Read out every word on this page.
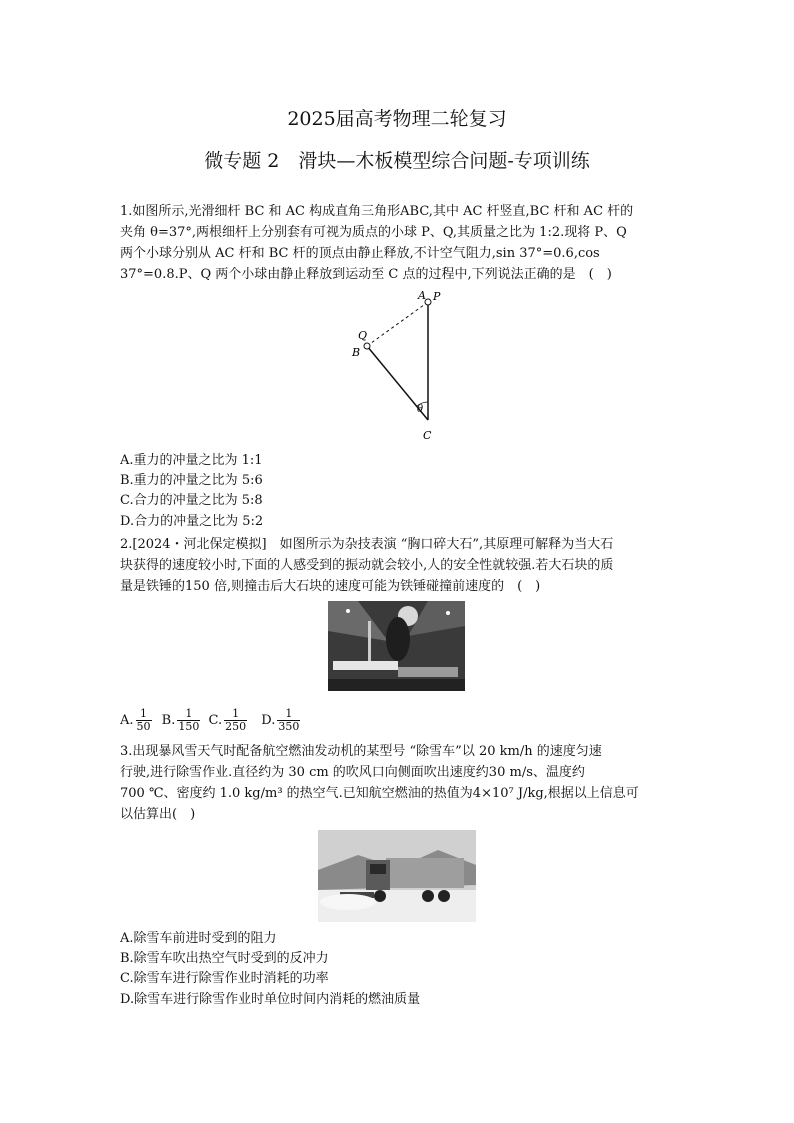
2025届高考物理二轮复习
微专题 2　滑块—木板模型综合问题-专项训练
1.如图所示,光滑细杆 BC 和 AC 构成直角三角形ABC,其中 AC 杆竖直,BC 杆和 AC 杆的
夹角 θ=37°,两根细杆上分别套有可视为质点的小球 P、Q,其质量之比为 1:2.现将 P、Q
两个小球分别从 AC 杆和 BC 杆的顶点由静止释放,不计空气阻力,sin 37°=0.6,cos
37°=0.8.P、Q 两个小球由静止释放到运动至 C 点的过程中,下列说法正确的是　(　)
A P
Q
B
θ
C
A.重力的冲量之比为 1:1
B.重力的冲量之比为 5:6
C.合力的冲量之比为 5:8
D.合力的冲量之比为 5:2
2.[2024・河北保定模拟]　如图所示为杂技表演 “胸口碎大石”,其原理可解释为当大石
块获得的速度较小时,下面的人感受到的振动就会较小,人的安全性就较强.若大石块的质
量是铁锤的150 倍,则撞击后大石块的速度可能为铁锤碰撞前速度的　(　)
A. $\frac{1}{50} B$. $\frac{1}{150} C$. $\frac{1}{250} D$. $\frac{1}{350}$
3.出现暴风雪天气时配备航空燃油发动机的某型号 “除雪车”以 20 km/h 的速度匀速
行驶,进行除雪作业.直径约为 30 cm 的吹风口向侧面吹出速度约30 m/s、温度约
700 ℃、密度约 1.0 kg/m³ 的热空气.已知航空燃油的热值为4×10⁷ J/kg,根据以上信息可
以估算出(　)
A.除雪车前进时受到的阻力
B.除雪车吹出热空气时受到的反冲力
C.除雪车进行除雪作业时消耗的功率
D.除雪车进行除雪作业时单位时间内消耗的燃油质量
